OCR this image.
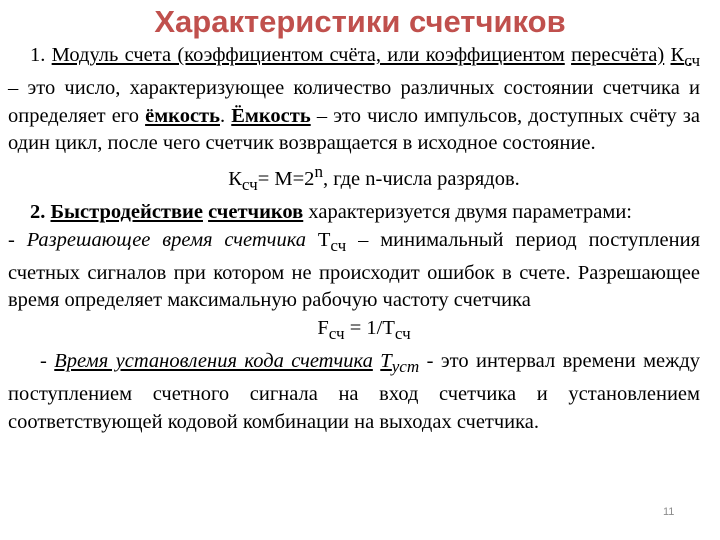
Характеристики счетчиков

1. Модуль счета (коэффициентом счёта, или коэффициентом пересчёта) $К_{сч}$ – это число, характеризующее количество различных состоянии счетчика и определяет его ёмкость. Ёмкость – это число импульсов, доступных счёту за один цикл, после чего счетчик возвращается в исходное состояние.

$К_{сч}= М=2^n$, где n-числа разрядов.

2. Быстродействие счетчиков характеризуется двумя параметрами:

- Разрешающее время счетчика $Т_{сч}$ – минимальный период поступления счетных сигналов при котором не происходит ошибок в счете. Разрешающее время определяет максимальную рабочую частоту счетчика

$F_{сч} = 1/Т_{сч}$

- Время установления кода счетчика $Т_{уст}$ - это интервал времени между поступлением счетного сигнала на вход счетчика и установлением соответствующей кодовой комбинации на выходах счетчика.

11
